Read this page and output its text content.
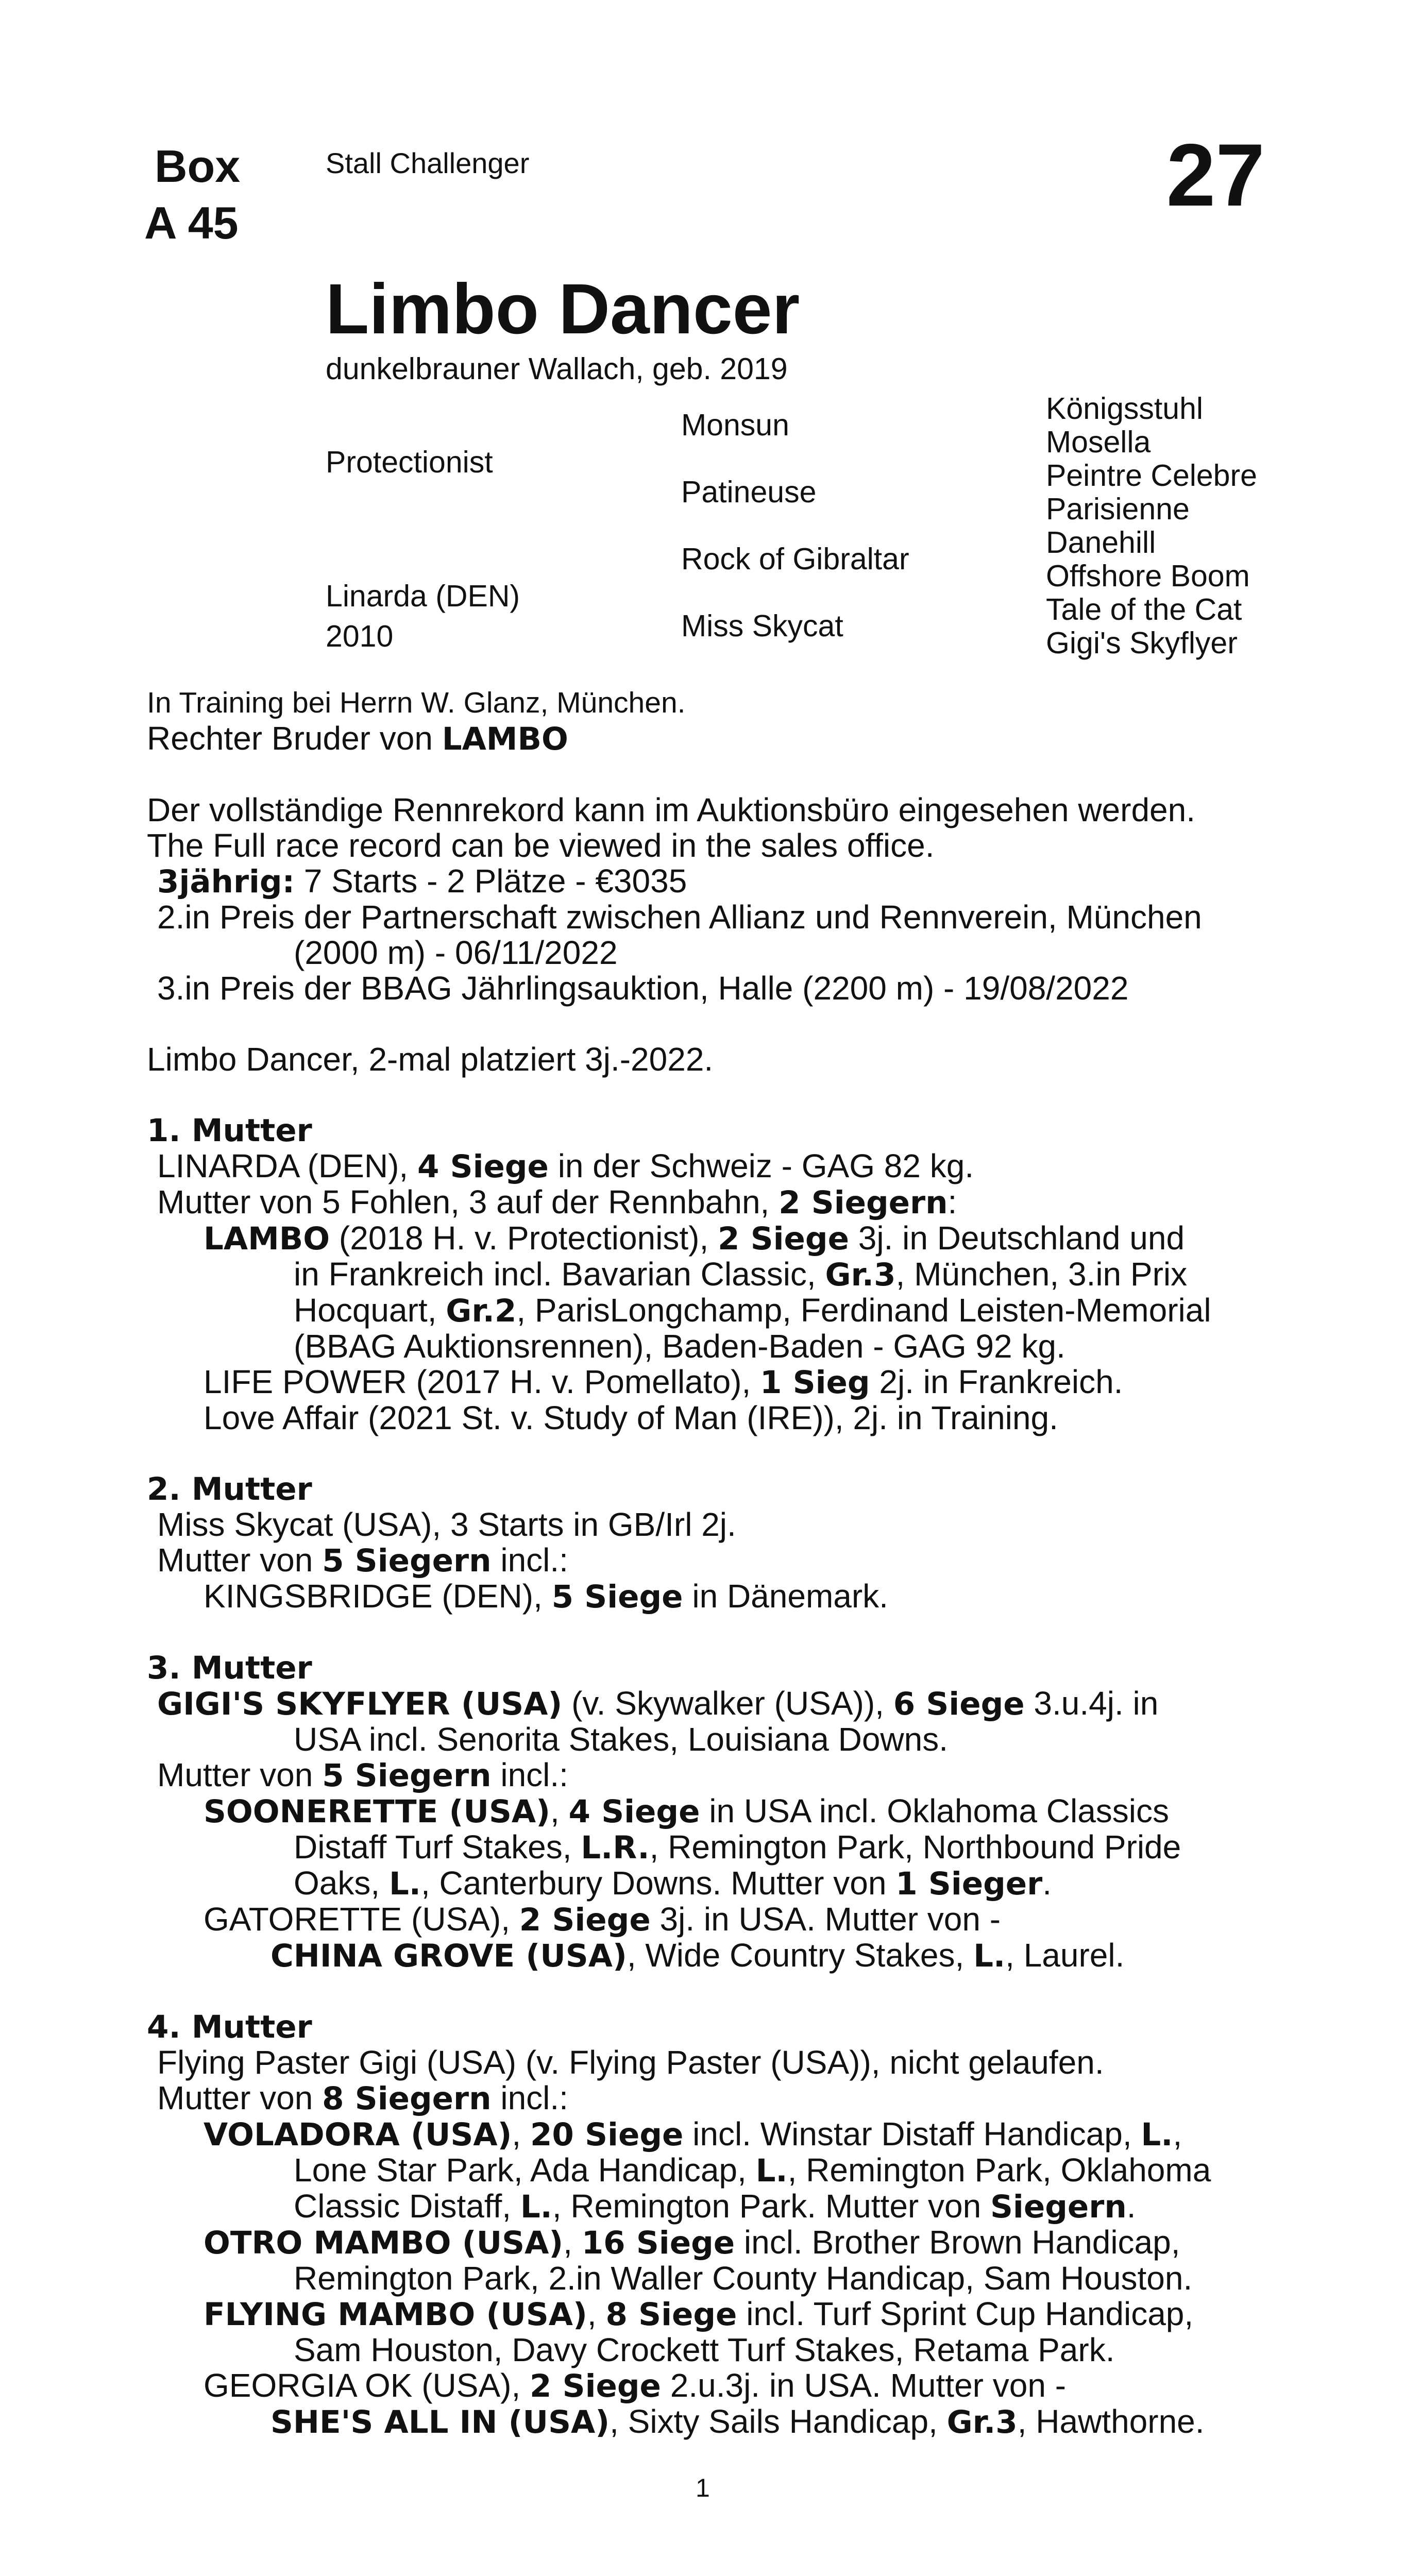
Box
A 45
Stall Challenger	27
Limbo Dancer
dunkelbrauner Wallach, geb. 2019
Protectionist
Linarda (DEN)
2010
Monsun
Patineuse
Rock of Gibraltar
Miss Skycat
Königsstuhl
Mosella
Peintre Celebre
Parisienne
Danehill
Offshore Boom
Tale of the Cat
Gigi's Skyflyer

In Training bei Herrn W. Glanz, München.

Rechter Bruder von LAMBO

Der vollständige Rennrekord kann im Auktionsbüro eingesehen werden.

The Full race record can be viewed in the sales office.

3jährig: 7 Starts - 2 Plätze - €3035

2.in Preis der Partnerschaft zwischen Allianz und Rennverein, München

(2000 m) - 06/11/2022

3.in Preis der BBAG Jährlingsauktion, Halle (2200 m) - 19/08/2022

Limbo Dancer, 2-mal platziert 3j.-2022.

1. Mutter

LINARDA (DEN), 4 Siege in der Schweiz - GAG 82 kg.

Mutter von 5 Fohlen, 3 auf der Rennbahn, 2 Siegern:

LAMBO (2018 H. v. Protectionist), 2 Siege 3j. in Deutschland und

in Frankreich incl. Bavarian Classic, Gr.3, München, 3.in Prix

Hocquart, Gr.2, ParisLongchamp, Ferdinand Leisten-Memorial

(BBAG Auktionsrennen), Baden-Baden - GAG 92 kg.

LIFE POWER (2017 H. v. Pomellato), 1 Sieg 2j. in Frankreich.

Love Affair (2021 St. v. Study of Man (IRE)), 2j. in Training.

2. Mutter

Miss Skycat (USA), 3 Starts in GB/Irl 2j.

Mutter von 5 Siegern incl.:

KINGSBRIDGE (DEN), 5 Siege in Dänemark.

3. Mutter

GIGI'S SKYFLYER (USA) (v. Skywalker (USA)), 6 Siege 3.u.4j. in

USA incl. Senorita Stakes, Louisiana Downs.

Mutter von 5 Siegern incl.:

SOONERETTE (USA), 4 Siege in USA incl. Oklahoma Classics

Distaff Turf Stakes, L.R., Remington Park, Northbound Pride

Oaks, L., Canterbury Downs. Mutter von 1 Sieger.

GATORETTE (USA), 2 Siege 3j. in USA. Mutter von -

CHINA GROVE (USA), Wide Country Stakes, L., Laurel.

4. Mutter

Flying Paster Gigi (USA) (v. Flying Paster (USA)), nicht gelaufen.

Mutter von 8 Siegern incl.:

VOLADORA (USA), 20 Siege incl. Winstar Distaff Handicap, L.,

Lone Star Park, Ada Handicap, L., Remington Park, Oklahoma

Classic Distaff, L., Remington Park. Mutter von Siegern.

OTRO MAMBO (USA), 16 Siege incl. Brother Brown Handicap,

Remington Park, 2.in Waller County Handicap, Sam Houston.

FLYING MAMBO (USA), 8 Siege incl. Turf Sprint Cup Handicap,

Sam Houston, Davy Crockett Turf Stakes, Retama Park.

GEORGIA OK (USA), 2 Siege 2.u.3j. in USA. Mutter von -

SHE'S ALL IN (USA), Sixty Sails Handicap, Gr.3, Hawthorne.

1
